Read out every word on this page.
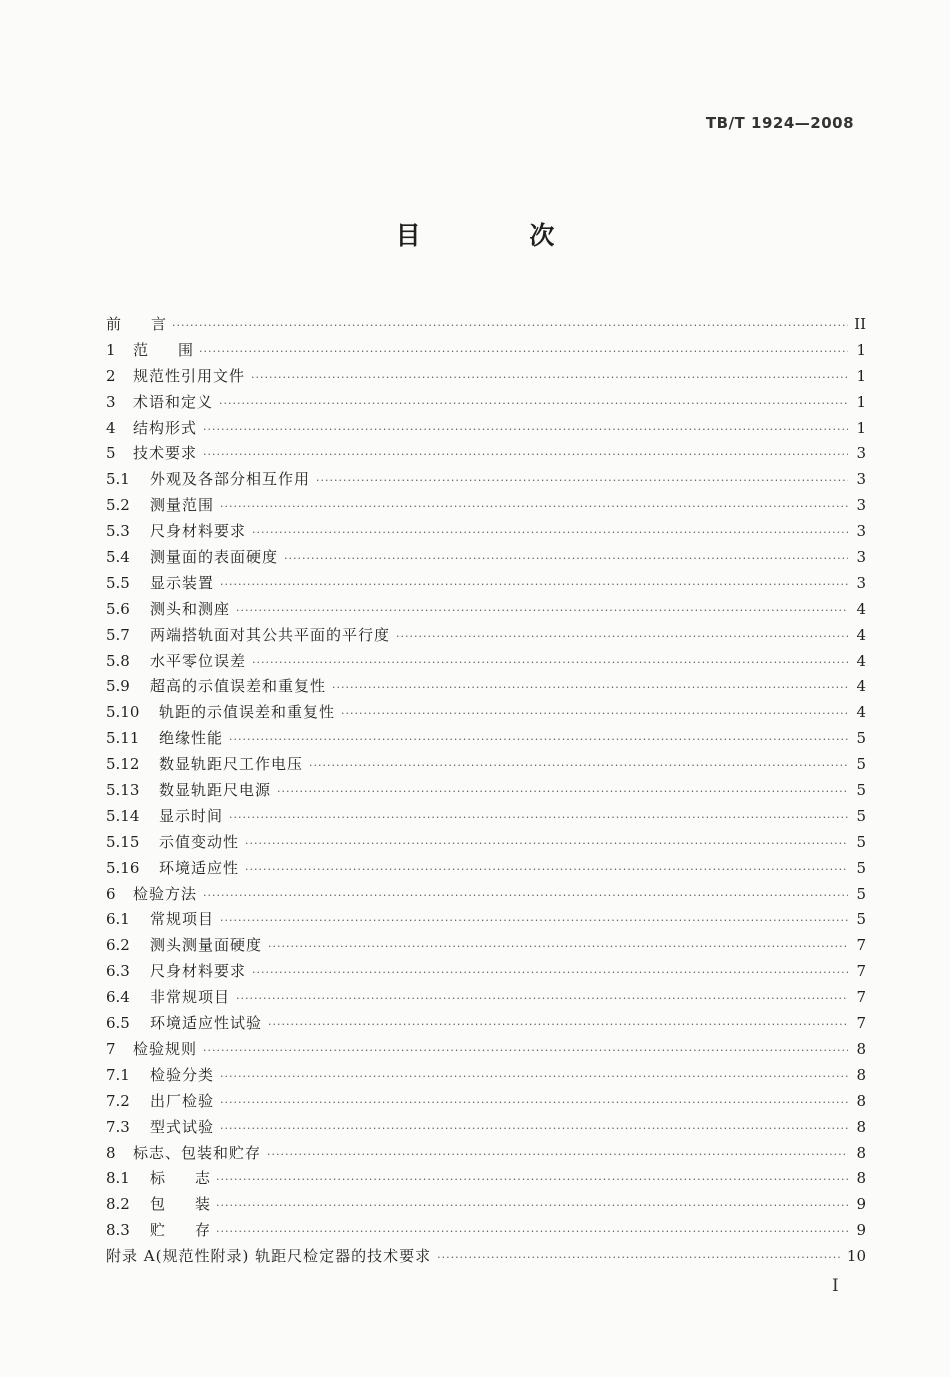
TB/T 1924—2008
目 次
前言 ·····	II
1	范围 ·····	1
2	规范性引用文件 ·····	1
3	术语和定义 ·····	1
4	结构形式 ·····	1
5	技术要求 ·····	3
5.1	外观及各部分相互作用 ·····	3
5.2	测量范围 ·····	3
5.3	尺身材料要求 ·····	3
5.4	测量面的表面硬度 ·····	3
5.5	显示装置 ·····	3
5.6	测头和测座 ·····	4
5.7	两端搭轨面对其公共平面的平行度 ·····	4
5.8	水平零位误差 ·····	4
5.9	超高的示值误差和重复性 ·····	4
5.10	轨距的示值误差和重复性 ·····	4
5.11	绝缘性能 ·····	5
5.12	数显轨距尺工作电压 ·····	5
5.13	数显轨距尺电源 ·····	5
5.14	显示时间 ·····	5
5.15	示值变动性 ·····	5
5.16	环境适应性 ·····	5
6	检验方法 ·····	5
6.1	常规项目 ·····	5
6.2	测头测量面硬度 ·····	7
6.3	尺身材料要求 ·····	7
6.4	非常规项目 ·····	7
6.5	环境适应性试验 ·····	7
7	检验规则 ·····	8
7.1	检验分类 ·····	8
7.2	出厂检验 ·····	8
7.3	型式试验 ·····	8
8	标志、包装和贮存 ·····	8
8.1	标志 ·····	8
8.2	包装 ·····	9
8.3	贮存 ·····	9
附录 A(规范性附录) 轨距尺检定器的技术要求 ·····	10
I
